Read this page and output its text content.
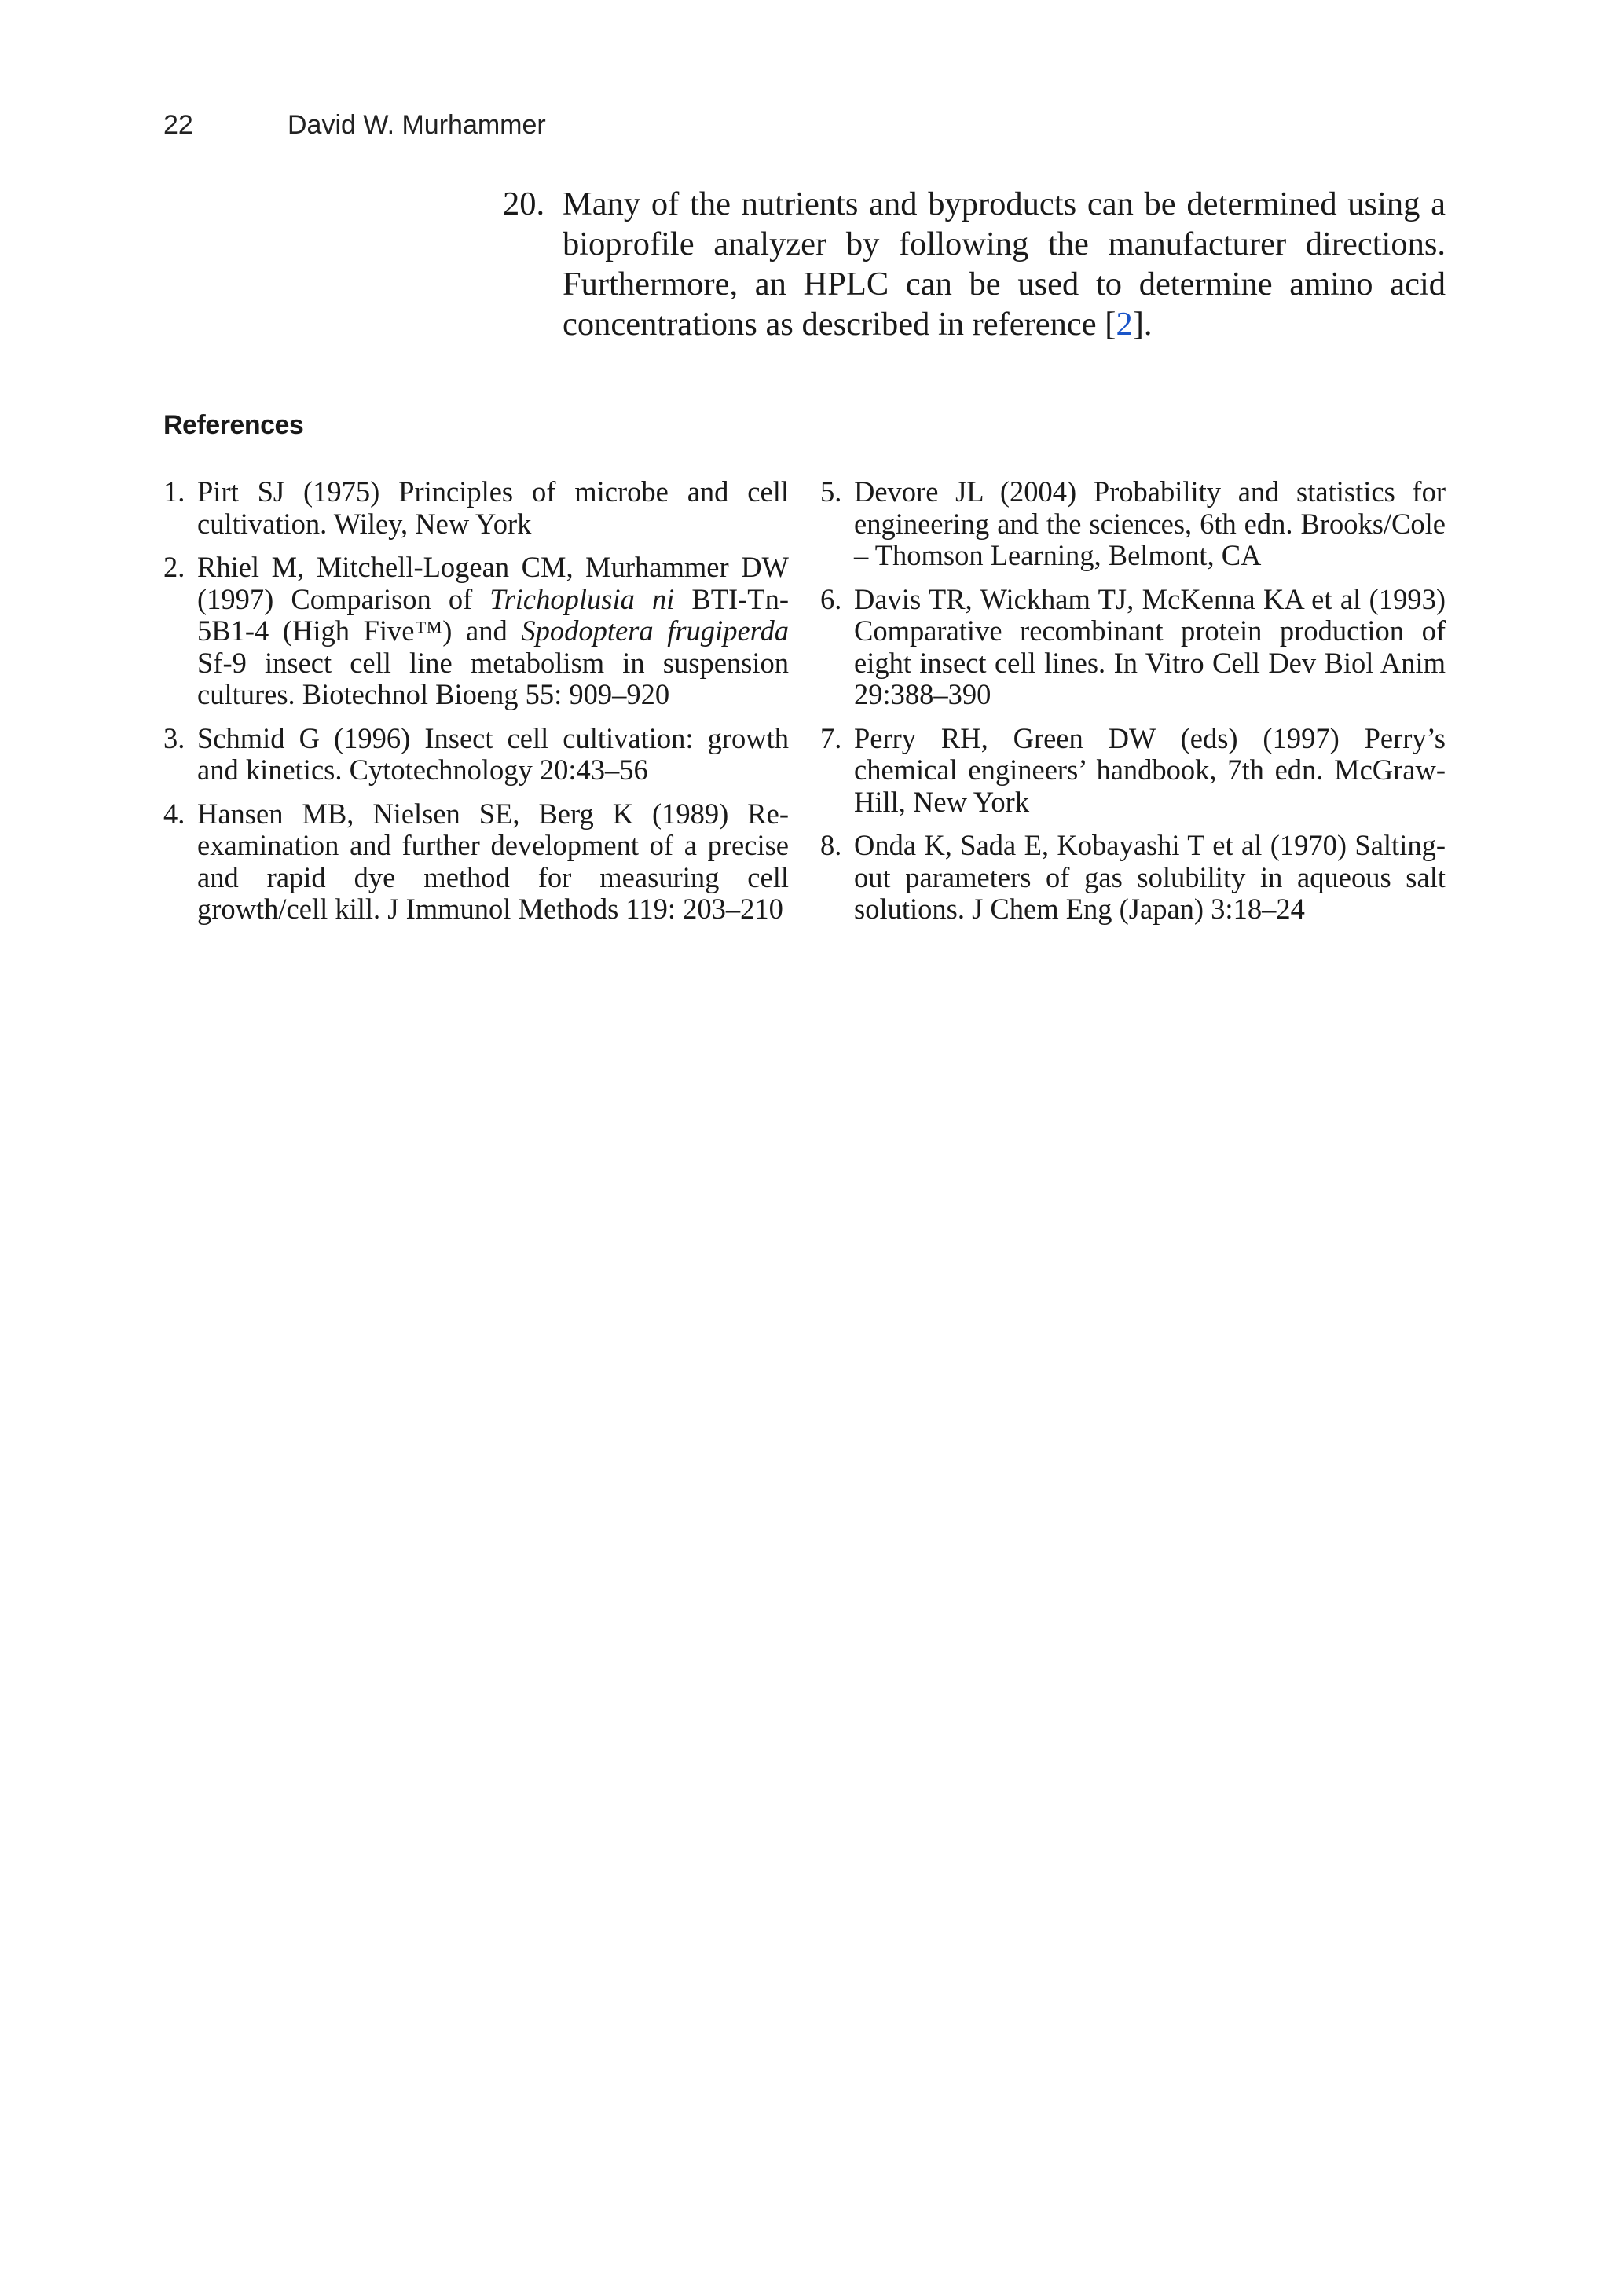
22	David W. Murhammer
20. Many of the nutrients and byproducts can be determined using a bioprofile analyzer by following the manufacturer directions. Furthermore, an HPLC can be used to determine amino acid concentrations as described in reference [2].
References
1. Pirt SJ (1975) Principles of microbe and cell cultivation. Wiley, New York
2. Rhiel M, Mitchell-Logean CM, Murhammer DW (1997) Comparison of Trichoplusia ni BTI-Tn-5B1-4 (High Five™) and Spodoptera frugiperda Sf-9 insect cell line metabolism in suspension cultures. Biotechnol Bioeng 55: 909–920
3. Schmid G (1996) Insect cell cultivation: growth and kinetics. Cytotechnology 20:43–56
4. Hansen MB, Nielsen SE, Berg K (1989) Re-examination and further development of a precise and rapid dye method for measuring cell growth/cell kill. J Immunol Methods 119: 203–210
5. Devore JL (2004) Probability and statistics for engineering and the sciences, 6th edn. Brooks/Cole – Thomson Learning, Belmont, CA
6. Davis TR, Wickham TJ, McKenna KA et al (1993) Comparative recombinant protein production of eight insect cell lines. In Vitro Cell Dev Biol Anim 29:388–390
7. Perry RH, Green DW (eds) (1997) Perry’s chemical engineers’ handbook, 7th edn. McGraw-Hill, New York
8. Onda K, Sada E, Kobayashi T et al (1970) Salting-out parameters of gas solubility in aqueous salt solutions. J Chem Eng (Japan) 3:18–24
